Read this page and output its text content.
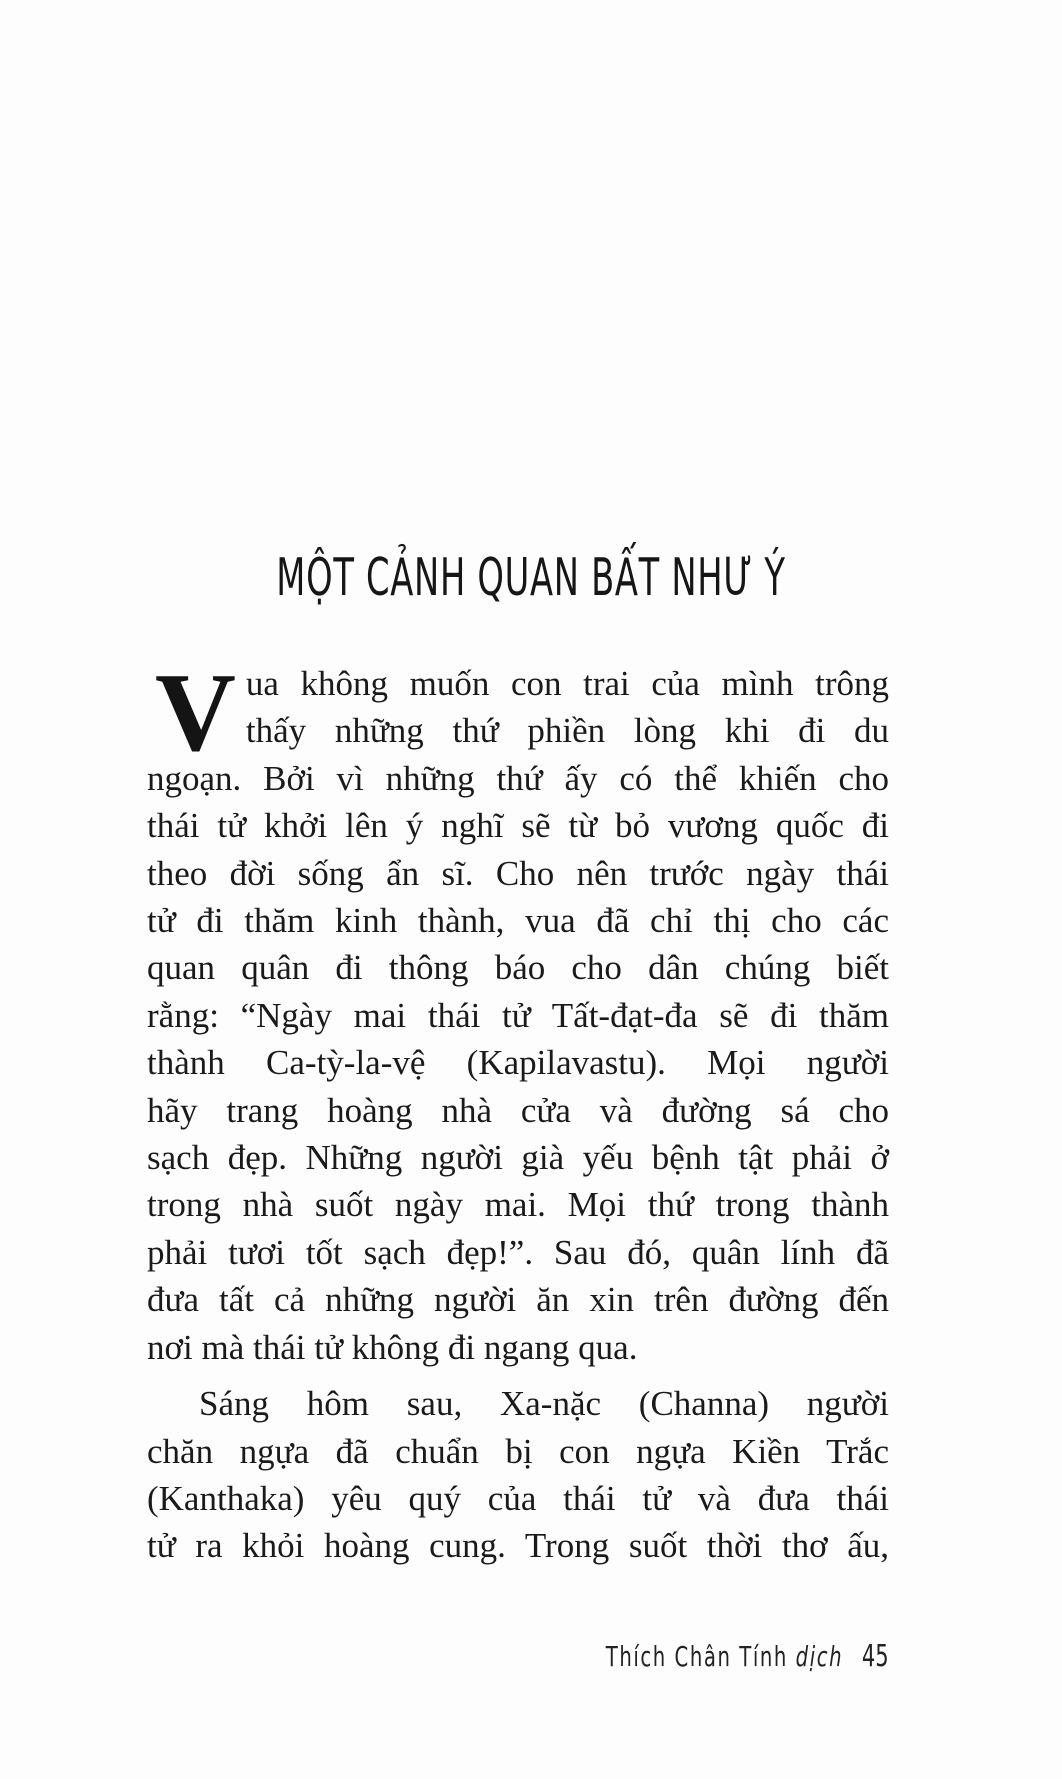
MỘT CẢNH QUAN BẤT NHƯ Ý
V ua không muốn con trai của mình trông
thấy những thứ phiền lòng khi đi du
ngoạn. Bởi vì những thứ ấy có thể khiến cho
thái tử khởi lên ý nghĩ sẽ từ bỏ vương quốc đi
theo đời sống ẩn sĩ. Cho nên trước ngày thái
tử đi thăm kinh thành, vua đã chỉ thị cho các
quan quân đi thông báo cho dân chúng biết
rằng: “Ngày mai thái tử Tất-đạt-đa sẽ đi thăm
thành Ca-tỳ-la-vệ (Kapilavastu). Mọi người
hãy trang hoàng nhà cửa và đường sá cho
sạch đẹp. Những người già yếu bệnh tật phải ở
trong nhà suốt ngày mai. Mọi thứ trong thành
phải tươi tốt sạch đẹp!”. Sau đó, quân lính đã
đưa tất cả những người ăn xin trên đường đến
nơi mà thái tử không đi ngang qua.
Sáng hôm sau, Xa-nặc (Channa) người
chăn ngựa đã chuẩn bị con ngựa Kiền Trắc
(Kanthaka) yêu quý của thái tử và đưa thái
tử ra khỏi hoàng cung. Trong suốt thời thơ ấu,
Thích Chân Tính dịch 45
